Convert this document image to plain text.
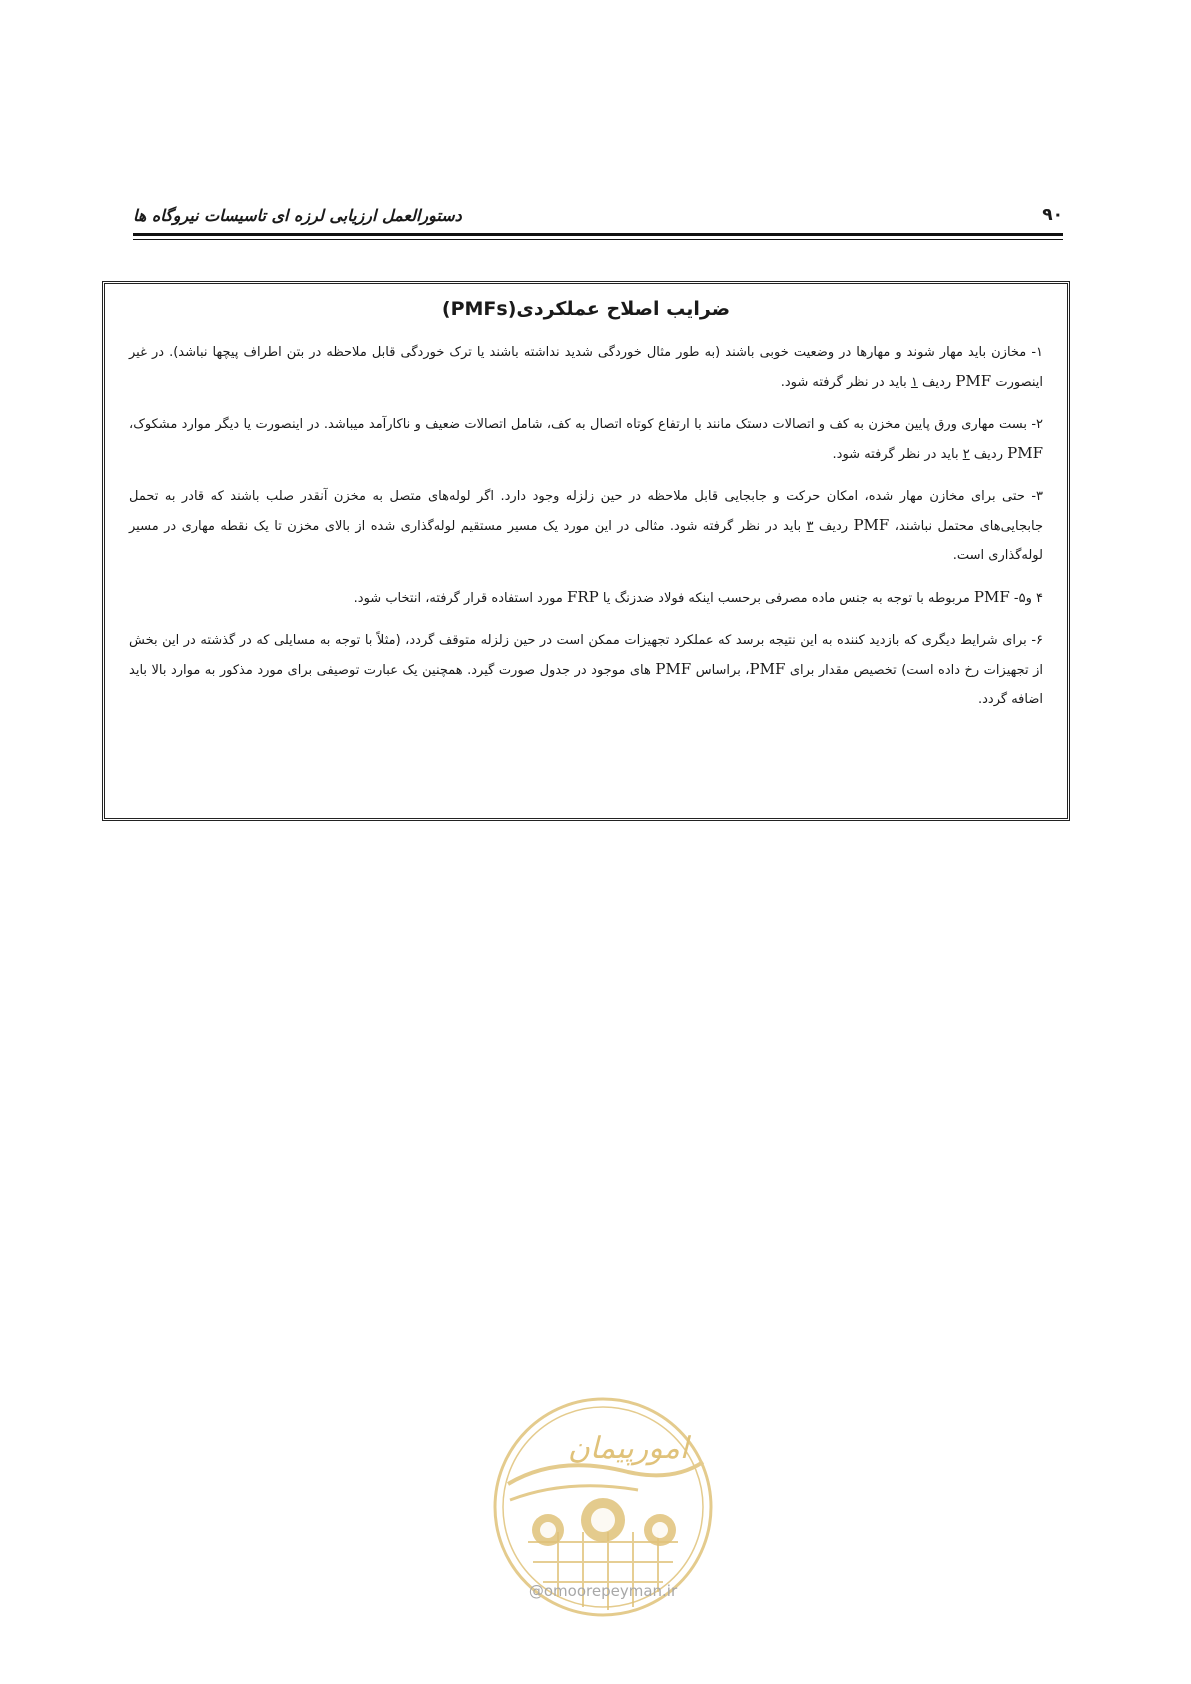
۹۰
دستورالعمل ارزیابی لرزه ای تاسیسات نیروگاه ها
ضرایب اصلاح عملکردی(PMFs)

۱- مخازن باید مهار شوند و مهارها در وضعیت خوبی باشند (به طور مثال خوردگی شدید نداشته باشند یا ترک خوردگی قابل ملاحظه در بتن اطراف پیچها نباشد). در غیر اینصورت PMF ردیف ۱ باید در نظر گرفته شود.

۲- بست مهاری ورق پایین مخزن به کف و اتصالات دستک مانند با ارتفاع کوتاه اتصال به کف، شامل اتصالات ضعیف و ناکارآمد میباشد. در اینصورت یا دیگر موارد مشکوک، PMF ردیف ۲ باید در نظر گرفته شود.

۳- حتی برای مخازن مهار شده، امکان حرکت و جابجایی قابل ملاحظه در حین زلزله وجود دارد. اگر لوله‌های متصل به مخزن آنقدر صلب باشند که قادر به تحمل جابجایی‌های محتمل نباشند، PMF ردیف ۳ باید در نظر گرفته شود. مثالی در این مورد یک مسیر مستقیم لوله‌گذاری شده از بالای مخزن تا یک نقطه مهاری در مسیر لوله‌گذاری است.

۴ و۵- PMF مربوطه با توجه به جنس ماده مصرفی برحسب اینکه فولاد ضدزنگ یا FRP مورد استفاده قرار گرفته، انتخاب شود.

۶- برای شرایط دیگری که بازدید کننده به این نتیجه برسد که عملکرد تجهیزات ممکن است در حین زلزله متوقف گردد، (مثلاً با توجه به مسایلی که در گذشته در این بخش از تجهیزات رخ داده است) تخصیص مقدار برای PMF، براساس PMF های موجود در جدول صورت گیرد. همچنین یک عبارت توصیفی برای مورد مذکور به موارد بالا باید اضافه گردد.

امورپیمان
@omoorepeyman.ir
